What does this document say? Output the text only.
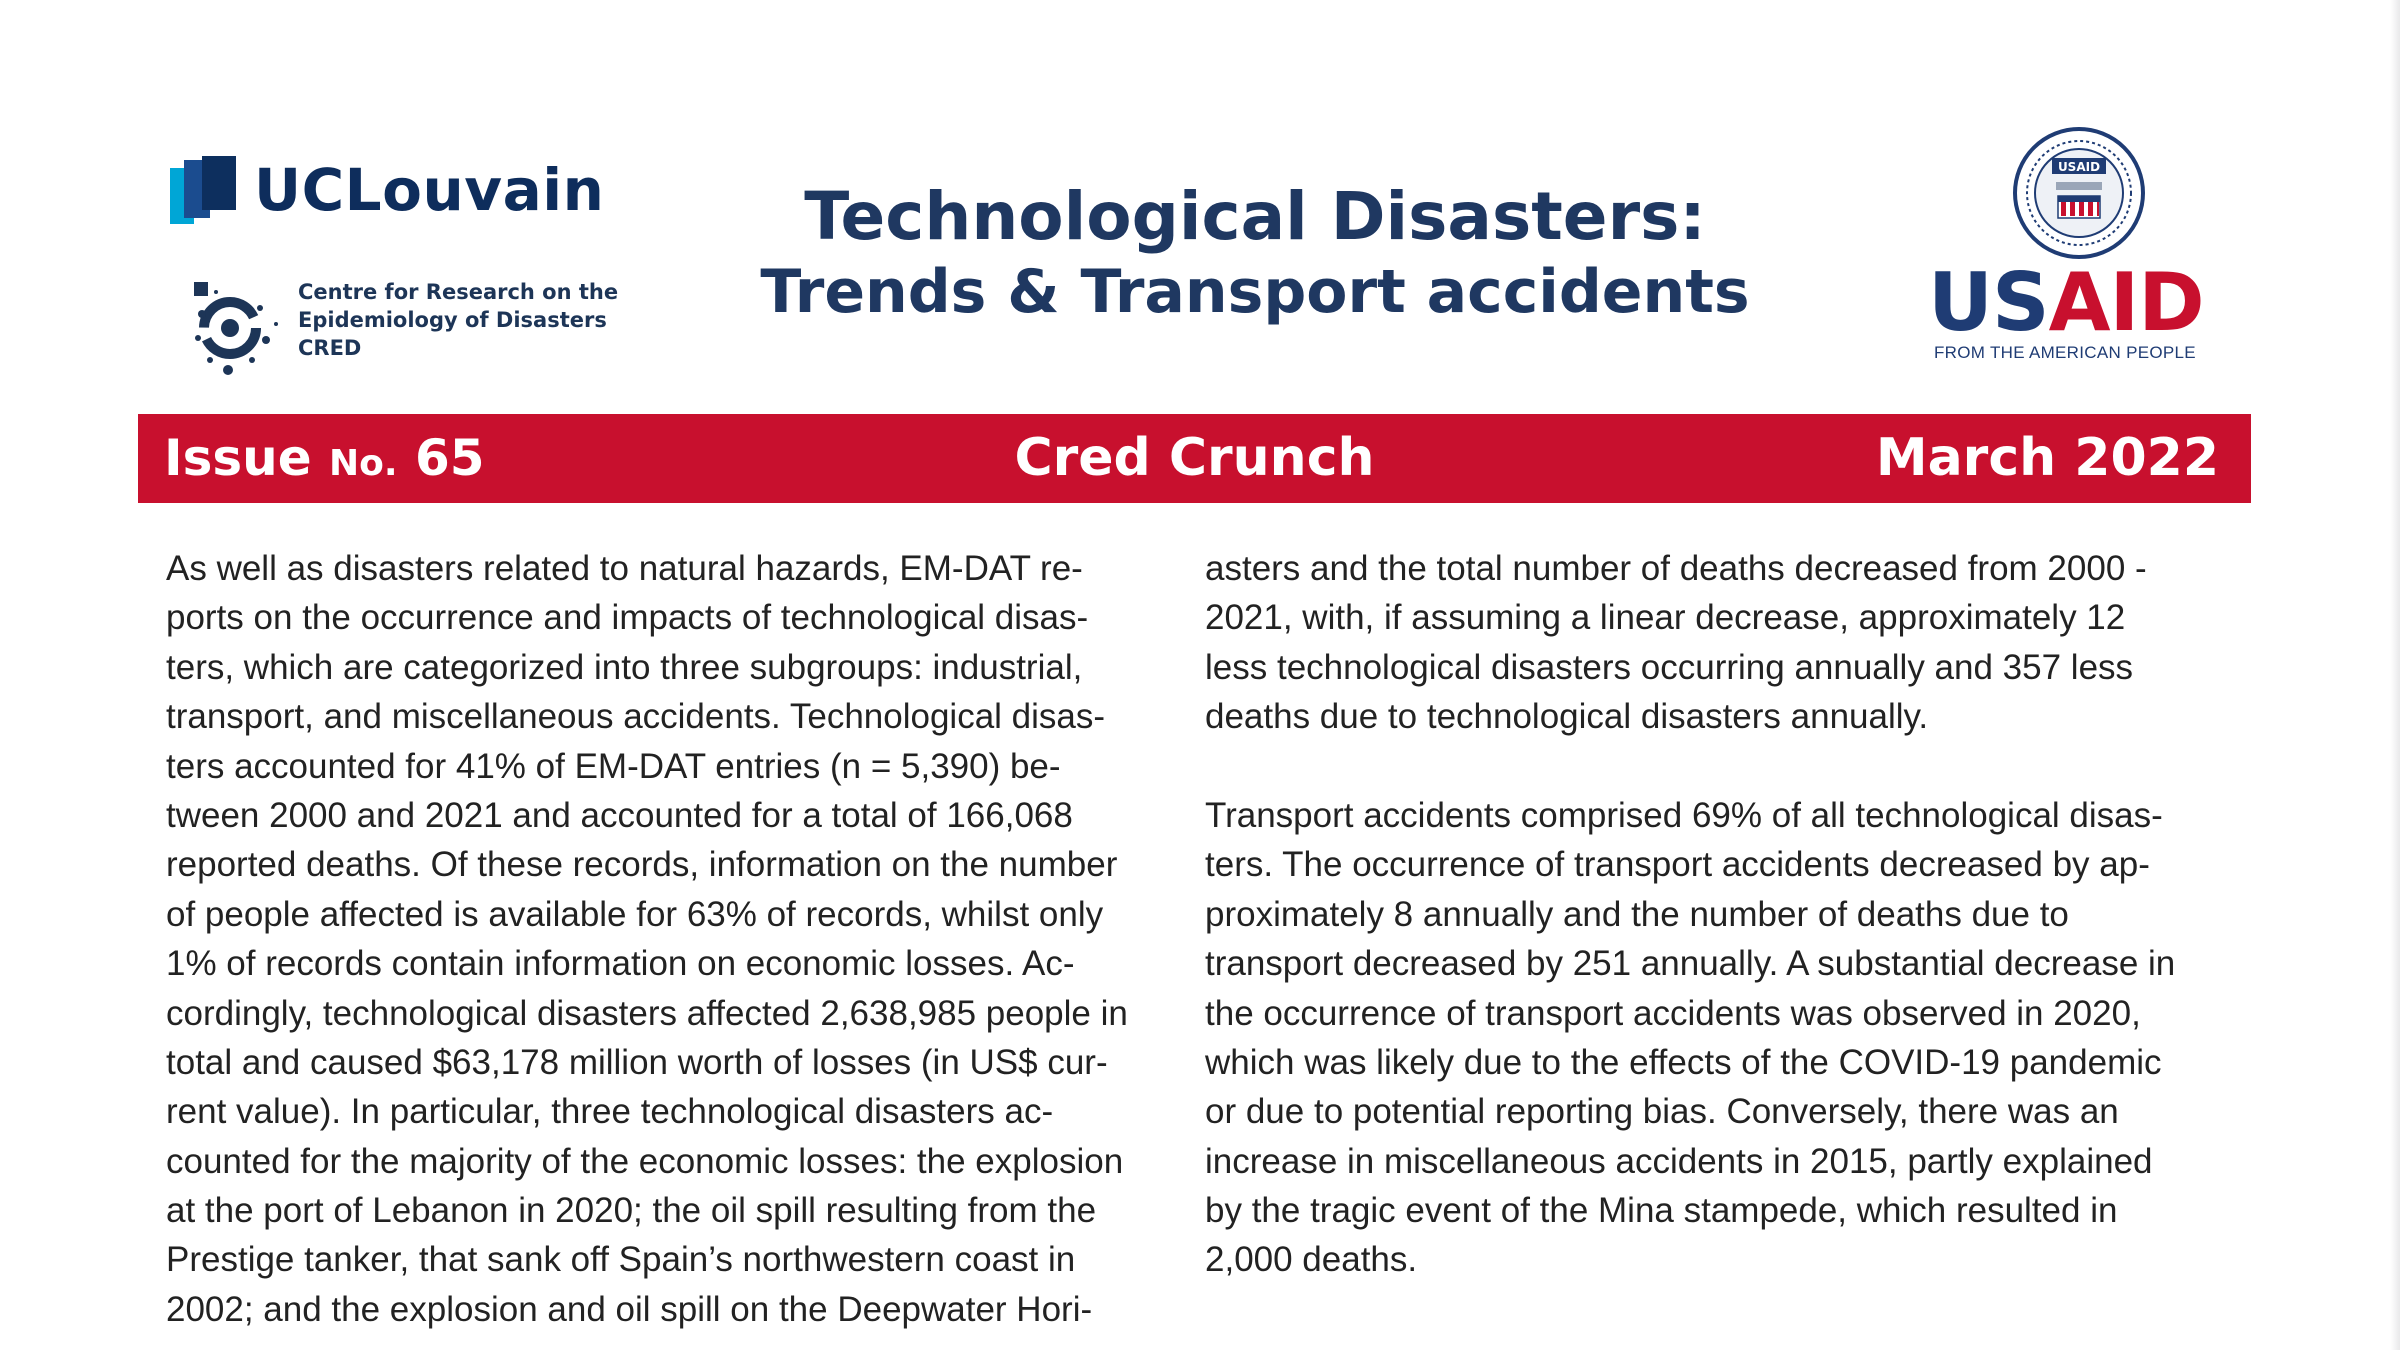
UCLouvain
Centre for Research on the
Epidemiology of Disasters
CRED
Technological Disasters:
Trends & Transport accidents
USAID
USAID
FROM THE AMERICAN PEOPLE
Issue No. 65	Cred Crunch	March 2022
As well as disasters related to natural hazards, EM-DAT re-
ports on the occurrence and impacts of technological disas-
ters, which are categorized into three subgroups: industrial,
transport, and miscellaneous accidents. Technological disas-
ters accounted for 41% of EM-DAT entries (n = 5,390) be-
tween 2000 and 2021 and accounted for a total of 166,068
reported deaths. Of these records, information on the number
of people affected is available for 63% of records, whilst only
1% of records contain information on economic losses. Ac-
cordingly, technological disasters affected 2,638,985 people in
total and caused $63,178 million worth of losses (in US$ cur-
rent value). In particular, three technological disasters ac-
counted for the majority of the economic losses: the explosion
at the port of Lebanon in 2020; the oil spill resulting from the
Prestige tanker, that sank off Spain’s northwestern coast in
2002; and the explosion and oil spill on the Deepwater Hori-
asters and the total number of deaths decreased from 2000 -
2021, with, if assuming a linear decrease, approximately 12
less technological disasters occurring annually and 357 less
deaths due to technological disasters annually.
Transport accidents comprised 69% of all technological disas-
ters. The occurrence of transport accidents decreased by ap-
proximately 8 annually and the number of deaths due to
transport decreased by 251 annually. A substantial decrease in
the occurrence of transport accidents was observed in 2020,
which was likely due to the effects of the COVID-19 pandemic
or due to potential reporting bias. Conversely, there was an
increase in miscellaneous accidents in 2015, partly explained
by the tragic event of the Mina stampede, which resulted in
2,000 deaths.
